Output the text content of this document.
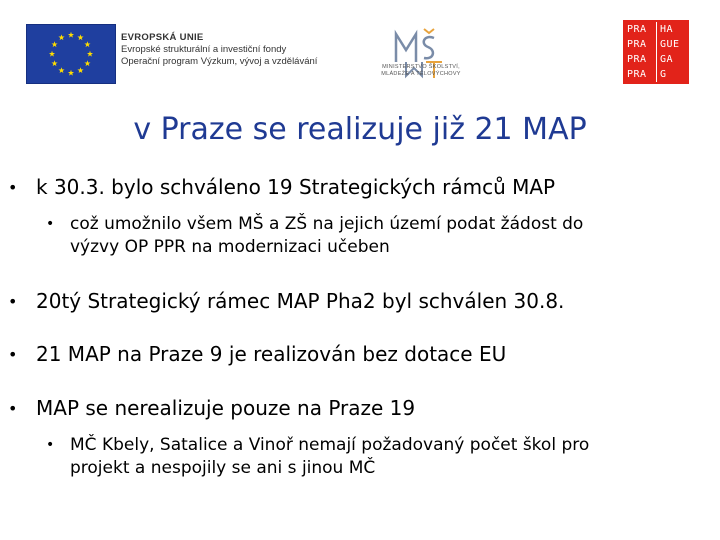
EVROPSKÁ UNIE
Evropské strukturální a investiční fondy
Operační program Výzkum, vývoj a vzdělávání	MINISTERSTVO ŠKOLSTVÍ,
MLÁDEŽE A TĚLOVÝCHOVY
PRA	HA
PRA	GUE
PRA	GA
PRA	G
v Praze se realizuje již 21 MAP
• k 30.3. bylo schváleno 19 Strategických rámců MAP
• což umožnilo všem MŠ a ZŠ na jejich území podat žádost do
výzvy OP PPR na modernizaci učeben
• 20tý Strategický rámec MAP Pha2 byl schválen 30.8.
• 21 MAP na Praze 9 je realizován bez dotace EU
• MAP se nerealizuje pouze na Praze 19
• MČ Kbely, Satalice a Vinoř nemají požadovaný počet škol pro
projekt a nespojily se ani s jinou MČ
